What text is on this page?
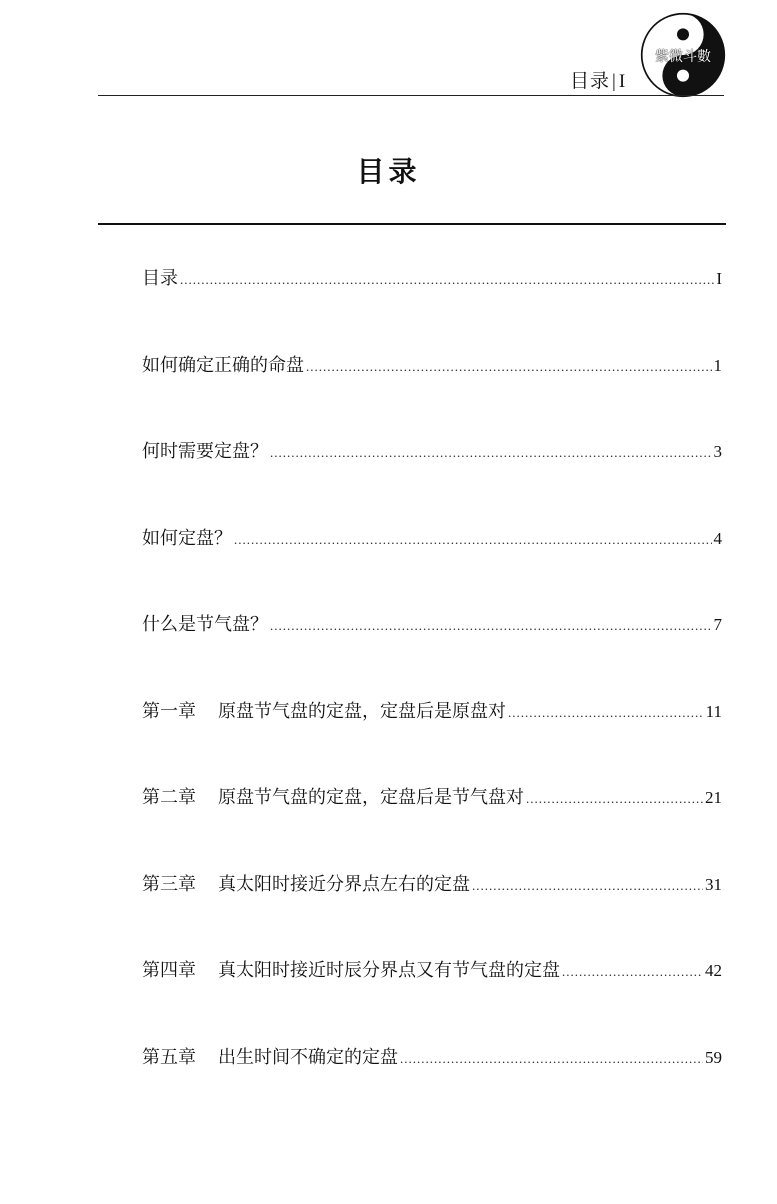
目录 | I
紫微斗數
目录
目录 .....	I
如何确定正确的命盘 .....	1
何时需要定盘？ .....	3
如何定盘？ .....	4
什么是节气盘？ .....	7
第一章 原盘节气盘的定盘，定盘后是原盘对 .....	11
第二章 原盘节气盘的定盘，定盘后是节气盘对 .....	21
第三章 真太阳时接近分界点左右的定盘 .....	31
第四章 真太阳时接近时辰分界点又有节气盘的定盘 .....	42
第五章 出生时间不确定的定盘 .....	59
